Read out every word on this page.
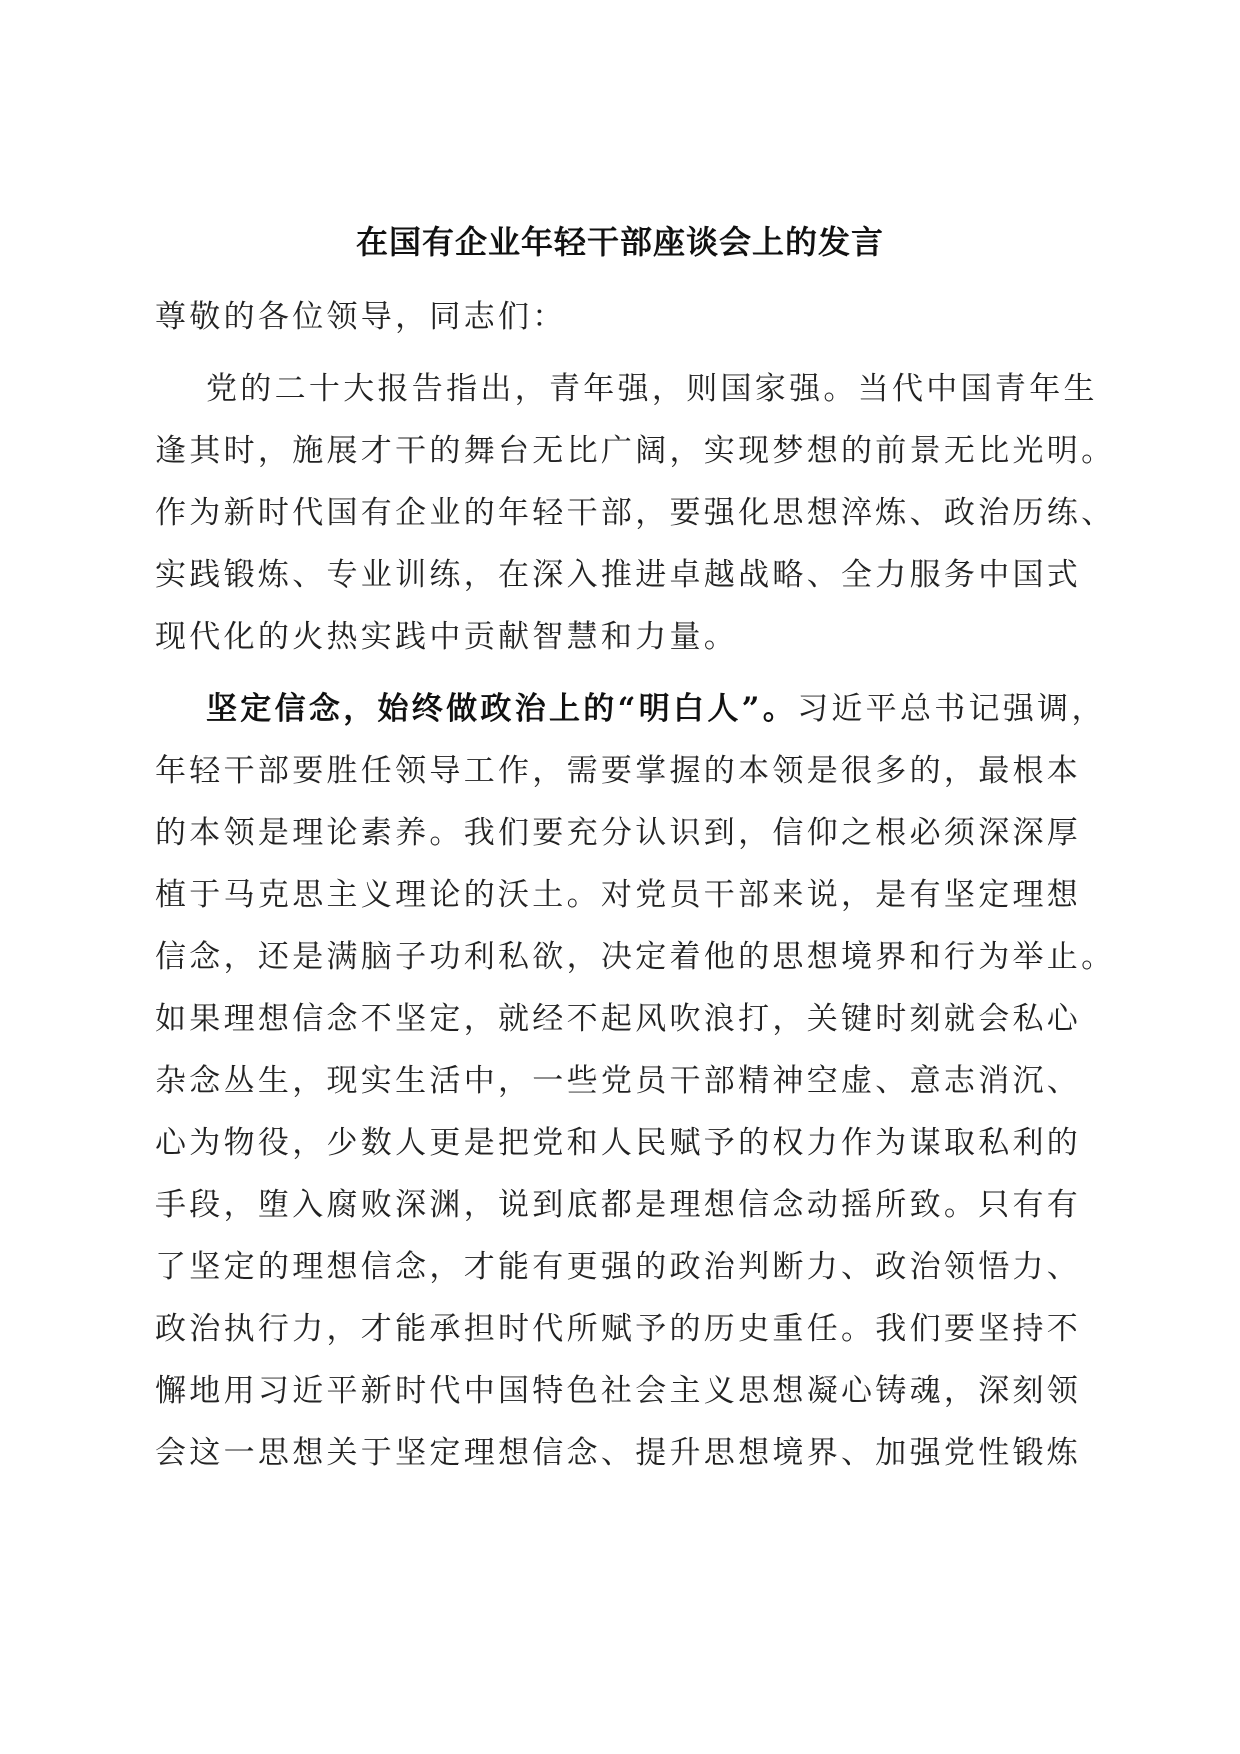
在国有企业年轻干部座谈会上的发言
尊敬的各位领导，同志们：
党的二十大报告指出，青年强，则国家强。当代中国青年生
逢其时，施展才干的舞台无比广阔，实现梦想的前景无比光明。
作为新时代国有企业的年轻干部，要强化思想淬炼、政治历练、
实践锻炼、专业训练，在深入推进卓越战略、全力服务中国式
现代化的火热实践中贡献智慧和力量。
坚定信念，始终做政治上的“明白人”。习近平总书记强调，
年轻干部要胜任领导工作，需要掌握的本领是很多的，最根本
的本领是理论素养。我们要充分认识到，信仰之根必须深深厚
植于马克思主义理论的沃土。对党员干部来说，是有坚定理想
信念，还是满脑子功利私欲，决定着他的思想境界和行为举止。
如果理想信念不坚定，就经不起风吹浪打，关键时刻就会私心
杂念丛生，现实生活中，一些党员干部精神空虚、意志消沉、
心为物役，少数人更是把党和人民赋予的权力作为谋取私利的
手段，堕入腐败深渊，说到底都是理想信念动摇所致。只有有
了坚定的理想信念，才能有更强的政治判断力、政治领悟力、
政治执行力，才能承担时代所赋予的历史重任。我们要坚持不
懈地用习近平新时代中国特色社会主义思想凝心铸魂，深刻领
会这一思想关于坚定理想信念、提升思想境界、加强党性锻炼
